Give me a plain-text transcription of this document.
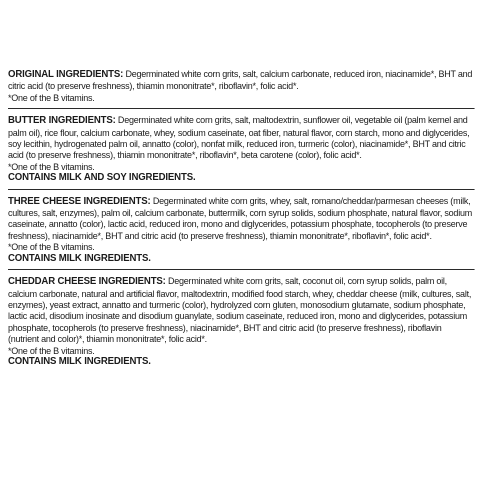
ORIGINAL INGREDIENTS: Degerminated white corn grits, salt, calcium carbonate, reduced iron, niacinamide*, BHT and citric acid (to preserve freshness), thiamin mononitrate*, riboflavin*, folic acid*.

*One of the B vitamins.

BUTTER INGREDIENTS: Degerminated white corn grits, salt, maltodextrin, sunflower oil, vegetable oil (palm kernel and palm oil), rice flour, calcium carbonate, whey, sodium caseinate, oat fiber, natural flavor, corn starch, mono and diglycerides, soy lecithin, hydrogenated palm oil, annatto (color), nonfat milk, reduced iron, turmeric (color), niacinamide*, BHT and citric acid (to preserve freshness), thiamin mononitrate*, riboflavin*, beta carotene (color), folic acid*.

*One of the B vitamins.
CONTAINS MILK AND SOY INGREDIENTS.

THREE CHEESE INGREDIENTS: Degerminated white corn grits, whey, salt, romano/cheddar/parmesan cheeses (milk, cultures, salt, enzymes), palm oil, calcium carbonate, buttermilk, corn syrup solids, sodium phosphate, natural flavor, sodium caseinate, annatto (color), lactic acid, reduced iron, mono and diglycerides, potassium phosphate, tocopherols (to preserve freshness), niacinamide*, BHT and citric acid (to preserve freshness), thiamin mononitrate*, riboflavin*, folic acid*.

*One of the B vitamins.
CONTAINS MILK INGREDIENTS.

CHEDDAR CHEESE INGREDIENTS: Degerminated white corn grits, salt, coconut oil, corn syrup solids, palm oil, calcium carbonate, natural and artificial flavor, maltodextrin, modified food starch, whey, cheddar cheese (milk, cultures, salt, enzymes), yeast extract, annatto and turmeric (color), hydrolyzed corn gluten, monosodium glutamate, sodium phosphate, lactic acid, disodium inosinate and disodium guanylate, sodium caseinate, reduced iron, mono and diglycerides, potassium phosphate, tocopherols (to preserve freshness), niacinamide*, BHT and citric acid (to preserve freshness), riboflavin (nutrient and color)*, thiamin mononitrate*, folic acid*.

*One of the B vitamins.
CONTAINS MILK INGREDIENTS.
